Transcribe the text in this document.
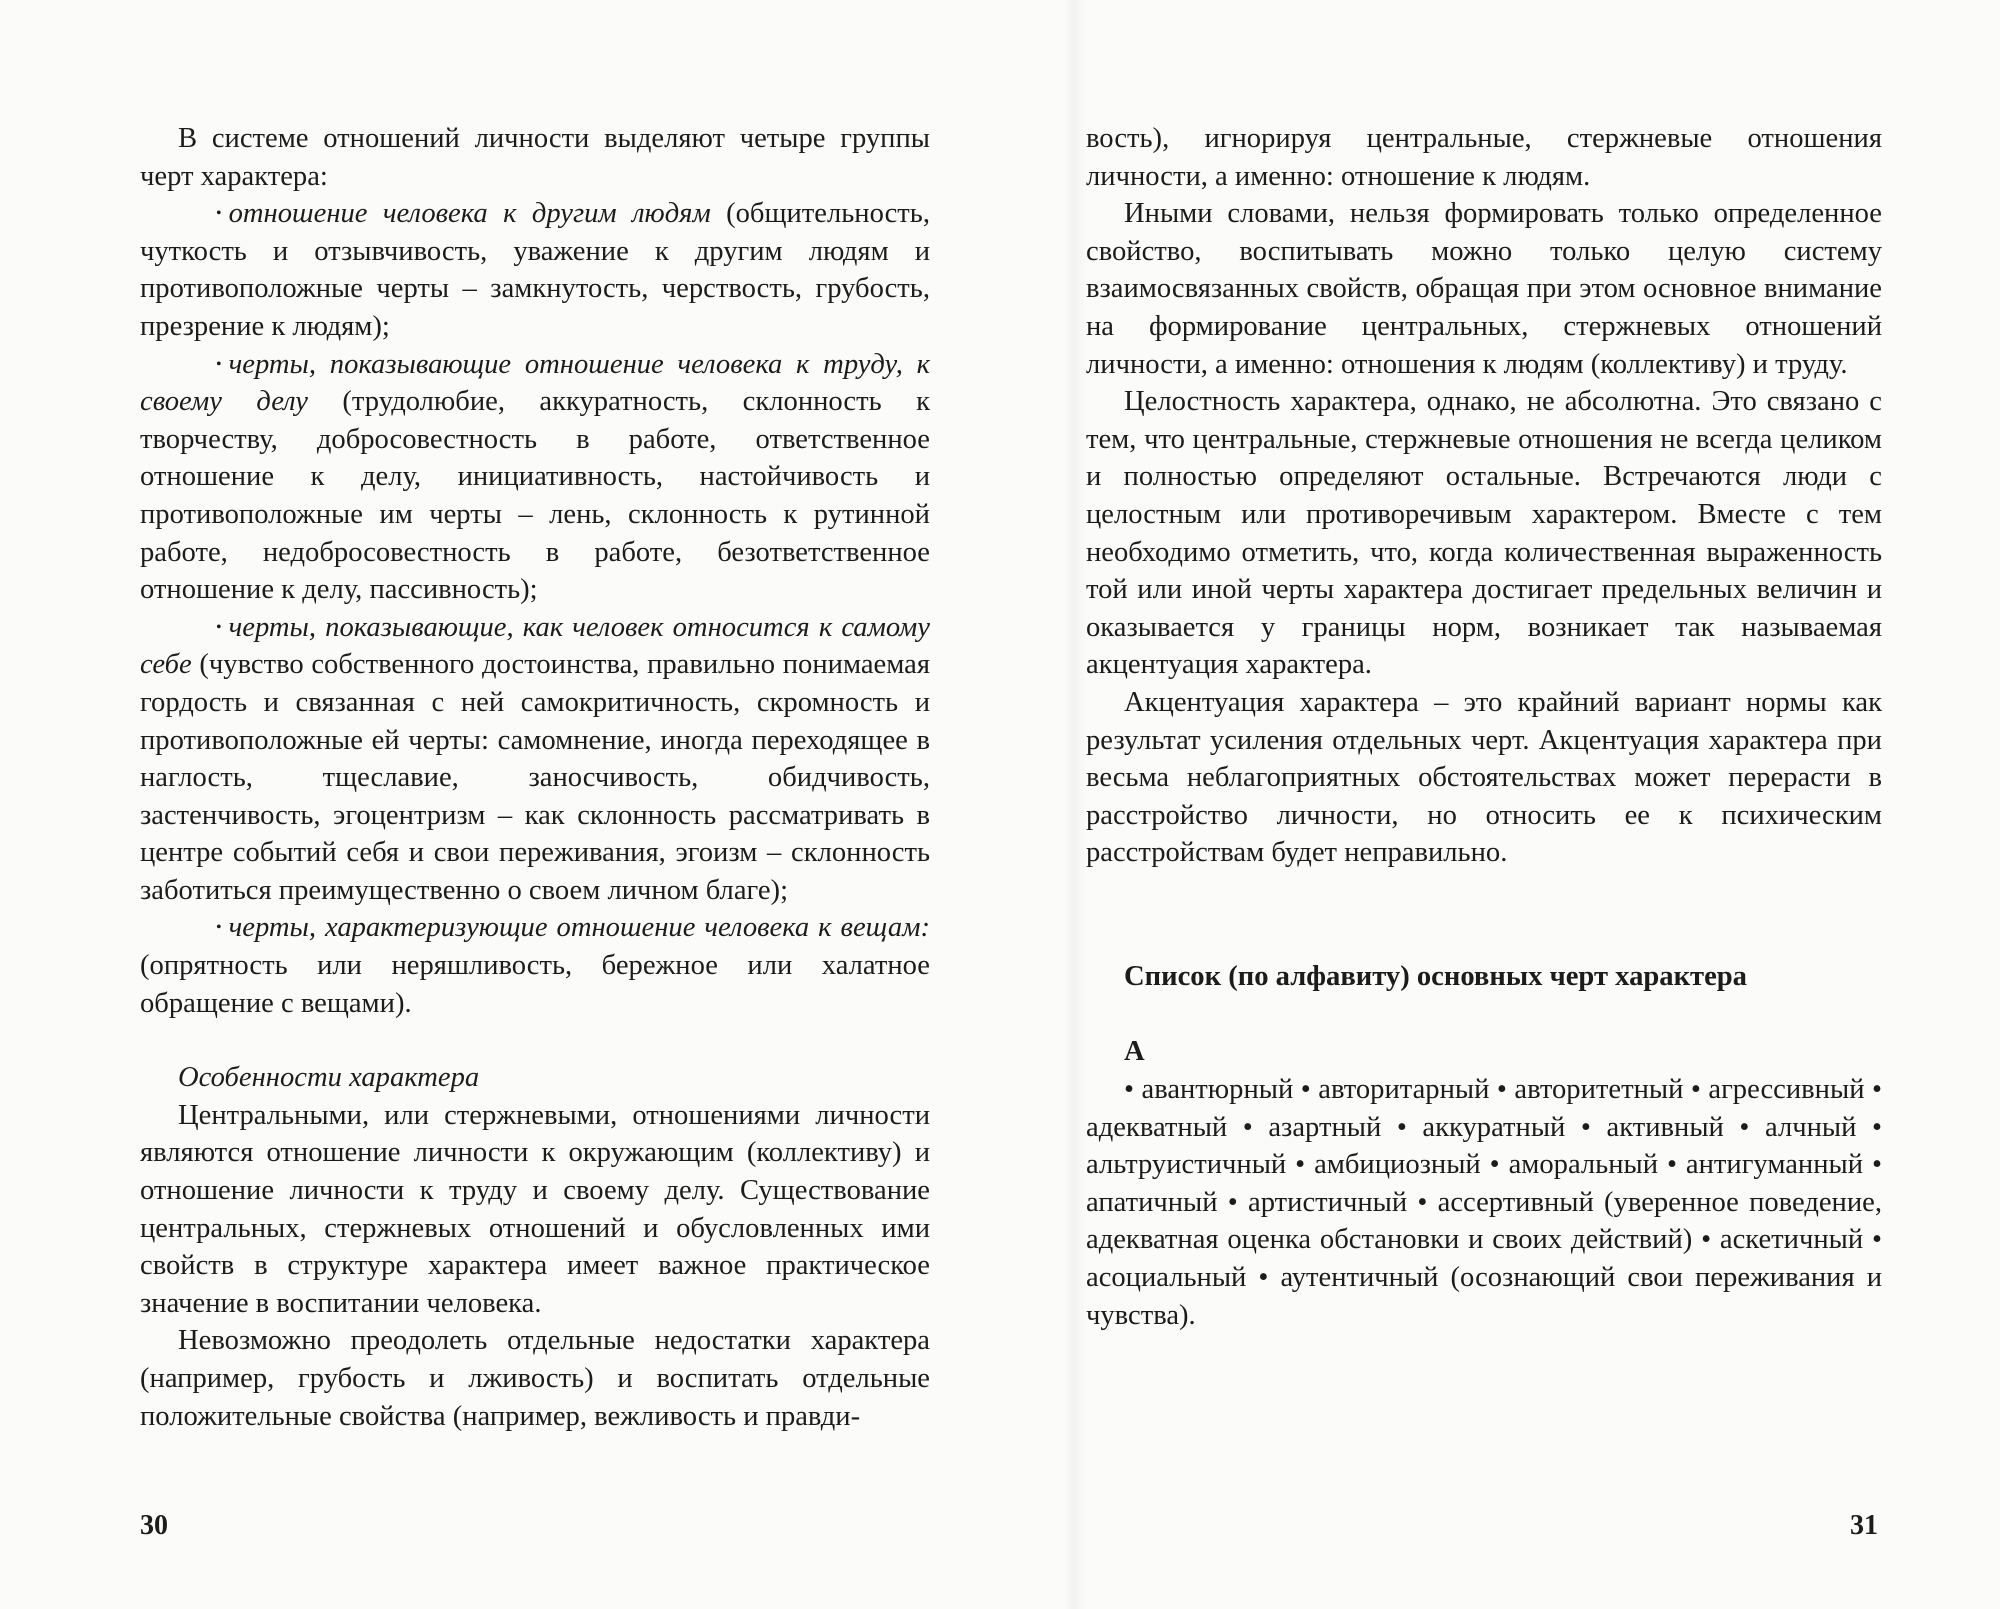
В системе отношений личности выделяют четыре группы черт характера:

• отношение человека к другим людям (общительность, чуткость и отзывчивость, уважение к другим людям и противоположные черты – замкнутость, черствость, грубость, презрение к людям);

• черты, показывающие отношение человека к труду, к своему делу (трудолюбие, аккуратность, склонность к творчеству, добросовестность в работе, ответственное отношение к делу, инициативность, настойчивость и противоположные им черты – лень, склонность к рутинной работе, недобросовестность в работе, безответственное отношение к делу, пассивность);

• черты, показывающие, как человек относится к самому себе (чувство собственного достоинства, правильно понимаемая гордость и связанная с ней самокритичность, скромность и противоположные ей черты: самомнение, иногда переходящее в наглость, тщеславие, заносчивость, обидчивость, застенчивость, эгоцентризм – как склонность рассматривать в центре событий себя и свои переживания, эгоизм – склонность заботиться преимущественно о своем личном благе);

• черты, характеризующие отношение человека к вещам: (опрятность или неряшливость, бережное или халатное обращение с вещами).

Особенности характера

Центральными, или стержневыми, отношениями личности являются отношение личности к окружающим (коллективу) и отношение личности к труду и своему делу. Существование центральных, стержневых отношений и обусловленных ими свойств в структуре характера имеет важное практическое значение в воспитании человека.

Невозможно преодолеть отдельные недостатки характера (например, грубость и лживость) и воспитать отдельные положительные свойства (например, вежливость и правди-

вость), игнорируя центральные, стержневые отношения личности, а именно: отношение к людям.

Иными словами, нельзя формировать только определенное свойство, воспитывать можно только целую систему взаимосвязанных свойств, обращая при этом основное внимание на формирование центральных, стержневых отношений личности, а именно: отношения к людям (коллективу) и труду.

Целостность характера, однако, не абсолютна. Это связано с тем, что центральные, стержневые отношения не всегда целиком и полностью определяют остальные. Встречаются люди с целостным или противоречивым характером. Вместе с тем необходимо отметить, что, когда количественная выраженность той или иной черты характера достигает предельных величин и оказывается у границы норм, возникает так называемая акцентуация характера.

Акцентуация характера – это крайний вариант нормы как результат усиления отдельных черт. Акцентуация характера при весьма неблагоприятных обстоятельствах может перерасти в расстройство личности, но относить ее к психическим расстройствам будет неправильно.

Список (по алфавиту) основных черт характера

А

• авантюрный • авторитарный • авторитетный • агрессивный • адекватный • азартный • аккуратный • активный • алчный • альтруистичный • амбициозный • аморальный • антигуманный • апатичный • артистичный • ассертивный (уверенное поведение, адекватная оценка обстановки и своих действий) • аскетичный • асоциальный • аутентичный (осознающий свои переживания и чувства).

30	31
